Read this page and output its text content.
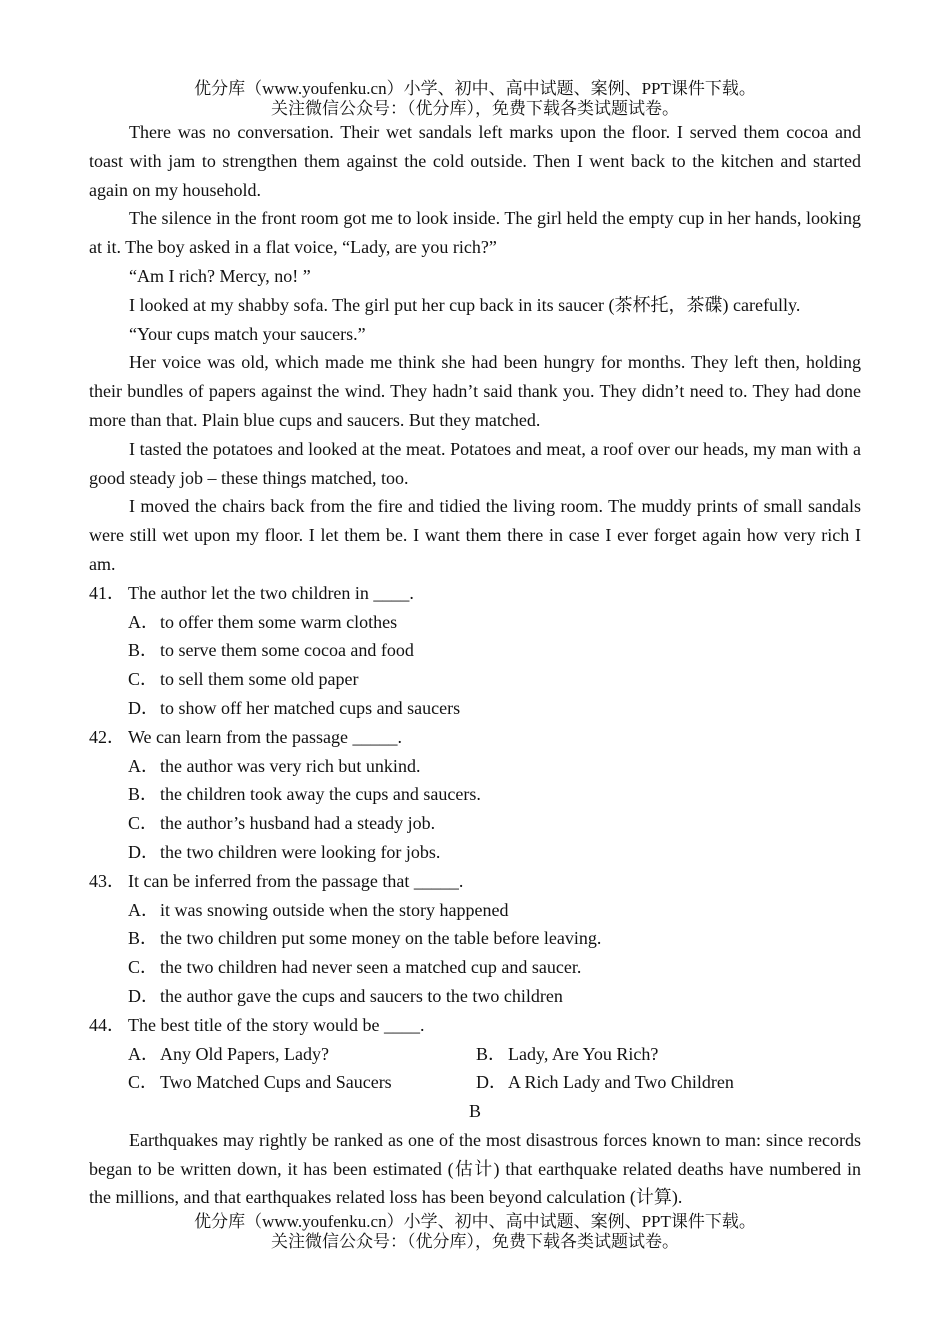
优分库（www.youfenku.cn）小学、初中、高中试题、案例、PPT课件下载。
关注微信公众号：（优分库），免费下载各类试题试卷。

There was no conversation. Their wet sandals left marks upon the floor. I served them cocoa and toast with jam to strengthen them against the cold outside. Then I went back to the kitchen and started again on my household.

The silence in the front room got me to look inside. The girl held the empty cup in her hands, looking at it. The boy asked in a flat voice, “Lady, are you rich?”

“Am I rich? Mercy, no! ”

I looked at my shabby sofa. The girl put her cup back in its saucer (茶杯托，茶碟) carefully.

“Your cups match your saucers.”

Her voice was old, which made me think she had been hungry for months. They left then, holding their bundles of papers against the wind. They hadn’t said thank you. They didn’t need to. They had done more than that. Plain blue cups and saucers. But they matched.

I tasted the potatoes and looked at the meat. Potatoes and meat, a roof over our heads, my man with a good steady job – these things matched, too.

I moved the chairs back from the fire and tidied the living room. The muddy prints of small sandals were still wet upon my floor. I let them be. I want them there in case I ever forget again how very rich I am.

41． The author let the two children in ____.

A．to offer them some warm clothes

B． to serve them some cocoa and food

C． to sell them some old paper

D．to show off her matched cups and saucers

42． We can learn from the passage _____.

A．the author was very rich but unkind.

B． the children took away the cups and saucers.

C． the author’s husband had a steady job.

D．the two children were looking for jobs.

43． It can be inferred from the passage that _____.

A．it was snowing outside when the story happened

B． the two children put some money on the table before leaving.

C． the two children had never seen a matched cup and saucer.

D．the author gave the cups and saucers to the two children

44． The best title of the story would be ____.

A．Any Old Papers, Lady?	B． Lady, Are You Rich?
C． Two Matched Cups and Saucers	D．A Rich Lady and Two Children

B

Earthquakes may rightly be ranked as one of the most disastrous forces known to man: since records began to be written down, it has been estimated (估计) that earthquake related deaths have numbered in the millions, and that earthquakes related loss has been beyond calculation (计算).

优分库（www.youfenku.cn）小学、初中、高中试题、案例、PPT课件下载。
关注微信公众号：（优分库），免费下载各类试题试卷。
